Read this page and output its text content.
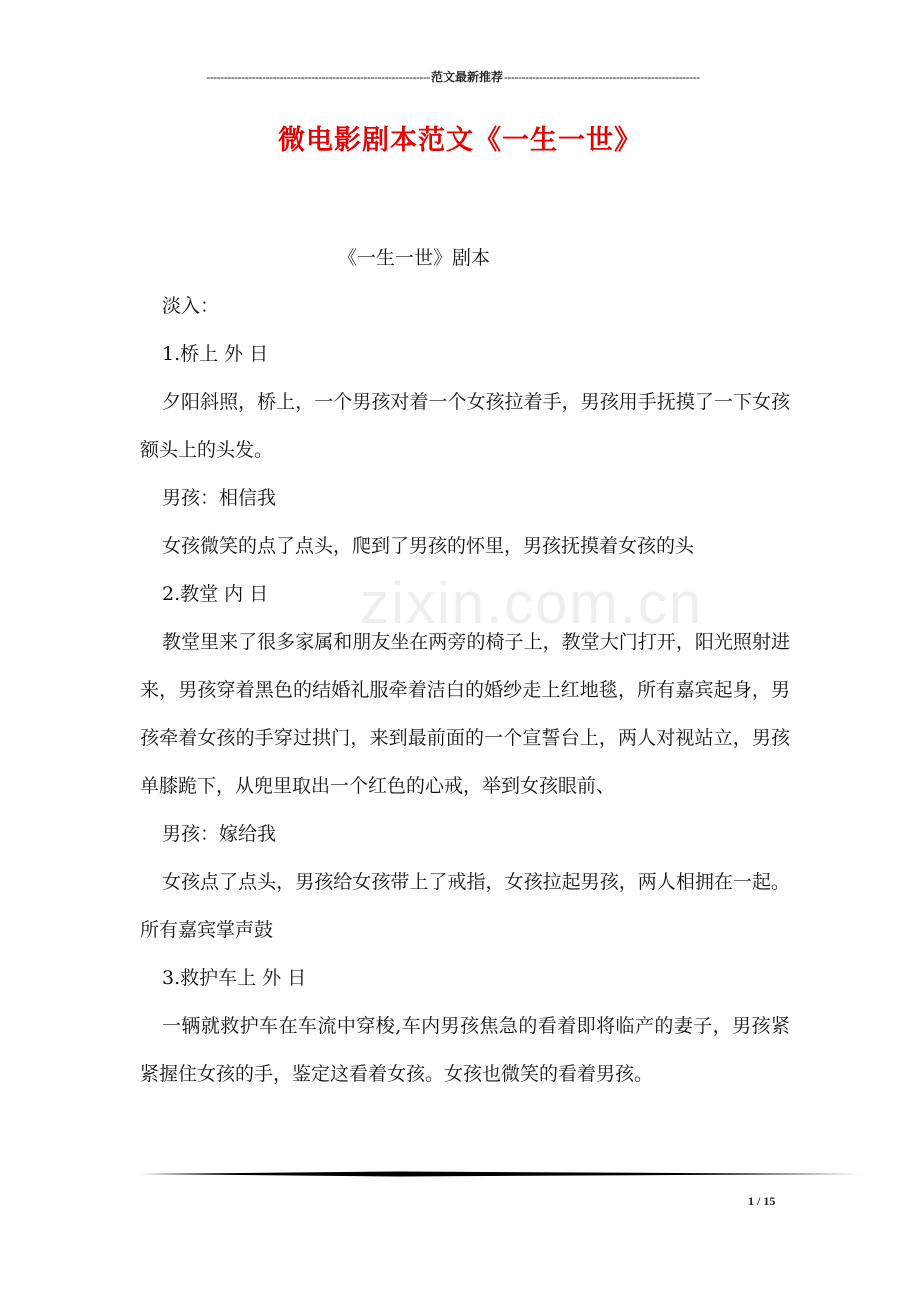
----------------------------------------------------------------范文最新推荐--------------------------------------------------------
微电影剧本范文《一生一世》
《一生一世》剧本
zixin.com.cn

淡入：

1.桥上 外 日

夕阳斜照，桥上，一个男孩对着一个女孩拉着手，男孩用手抚摸了一下女孩额头上的头发。

男孩：相信我

女孩微笑的点了点头，爬到了男孩的怀里，男孩抚摸着女孩的头

2.教堂 内 日

教堂里来了很多家属和朋友坐在两旁的椅子上，教堂大门打开，阳光照射进来，男孩穿着黑色的结婚礼服牵着洁白的婚纱走上红地毯，所有嘉宾起身，男孩牵着女孩的手穿过拱门，来到最前面的一个宣誓台上，两人对视站立，男孩单膝跪下，从兜里取出一个红色的心戒，举到女孩眼前、

男孩：嫁给我

女孩点了点头，男孩给女孩带上了戒指，女孩拉起男孩，两人相拥在一起。所有嘉宾掌声鼓

3.救护车上 外 日

一辆就救护车在车流中穿梭,车内男孩焦急的看着即将临产的妻子，男孩紧紧握住女孩的手，鉴定这看着女孩。女孩也微笑的看着男孩。

1 / 15
